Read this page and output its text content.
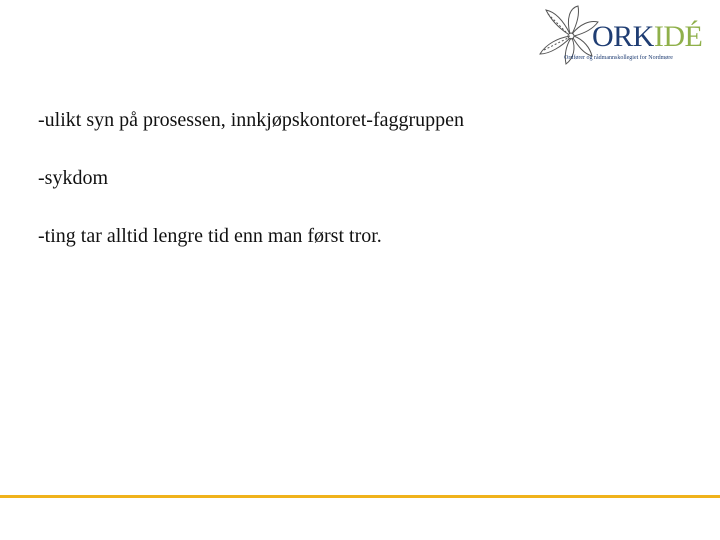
ORKIDÉ
Ordfører og rådmannskollegiet for Nordmøre

-ulikt syn på prosessen, innkjøpskontoret-faggruppen

-sykdom

-ting tar alltid lengre tid enn man først tror.
